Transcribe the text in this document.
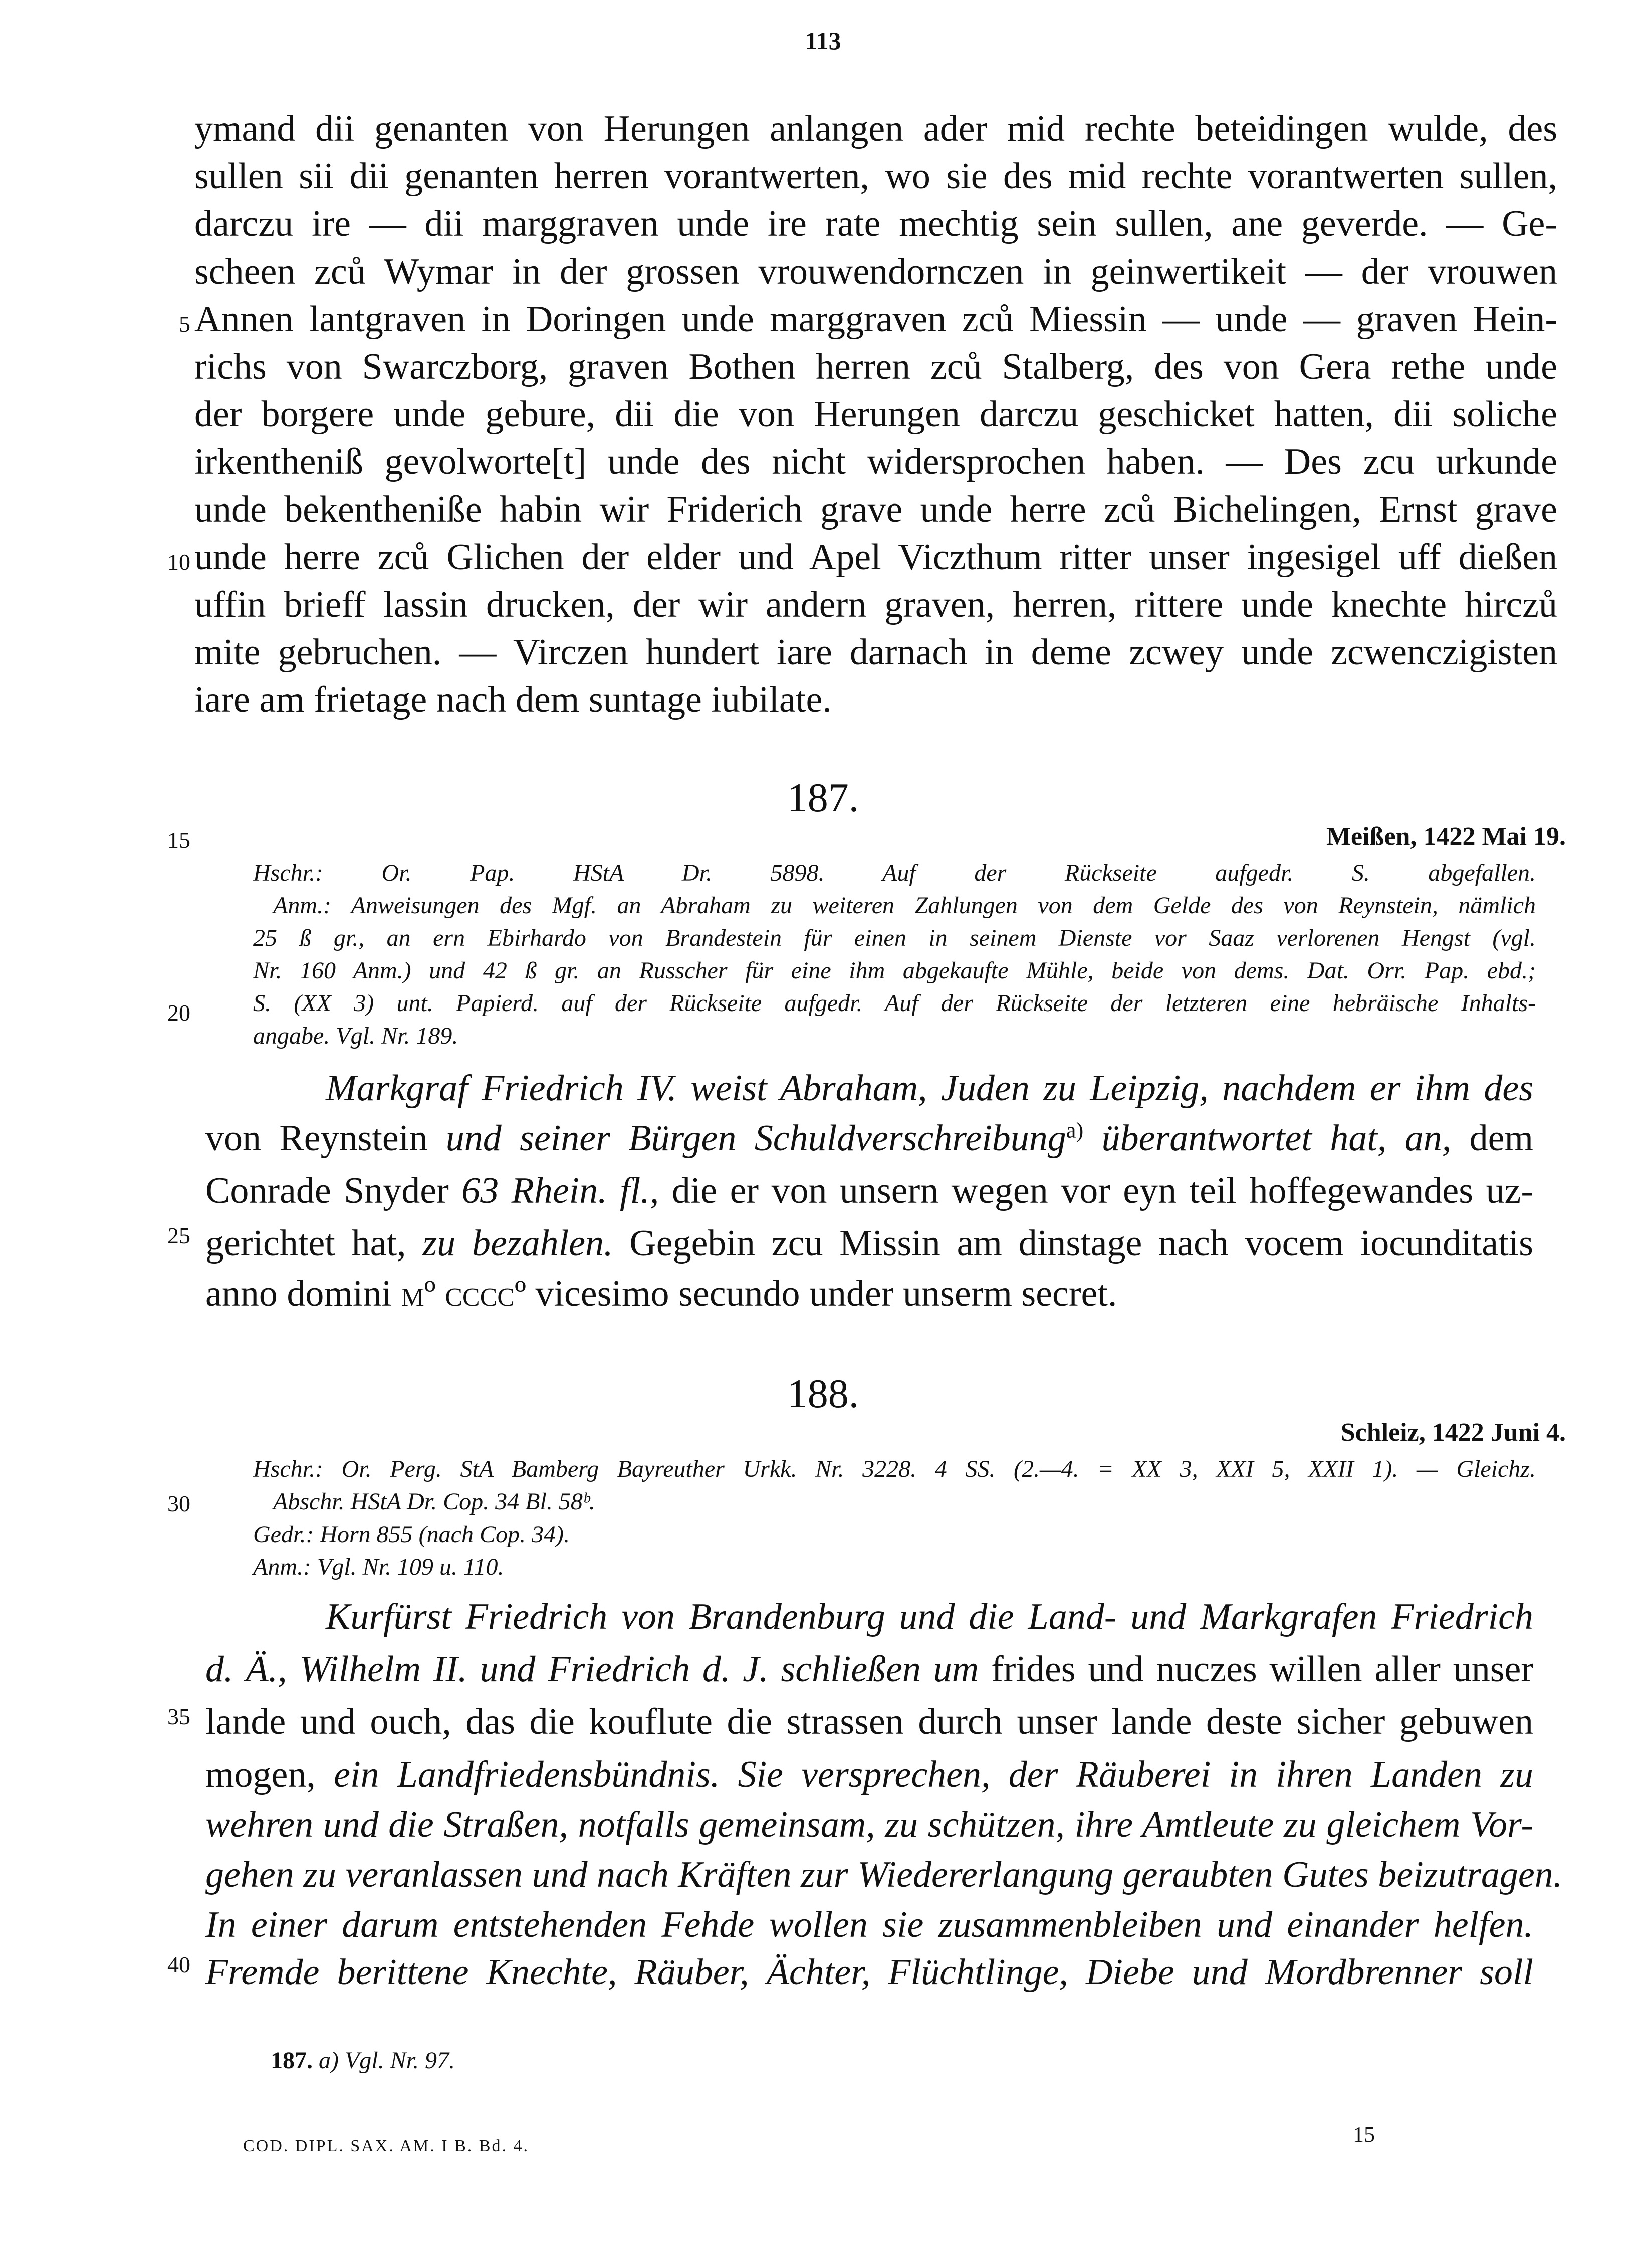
113
ymand dii genanten von Herungen anlangen ader mid rechte beteidingen wulde, des
sullen sii dii genanten herren vorantwerten, wo sie des mid rechte vorantwerten sullen,
darczu ire — dii marggraven unde ire rate mechtig sein sullen, ane geverde. — Ge-
scheen zců Wymar in der grossen vrouwendornczen in geinwertikeit — der vrouwen
Annen lantgraven in Doringen unde marggraven zců Miessin — unde — graven Hein-
richs von Swarczborg, graven Bothen herren zců Stalberg, des von Gera rethe unde
der borgere unde gebure, dii die von Herungen darczu geschicket hatten, dii soliche
irkentheniß gevolworte[t] unde des nicht widersprochen haben. — Des zcu urkunde
unde bekentheniße habin wir Friderich grave unde herre zců Bichelingen, Ernst grave
unde herre zců Glichen der elder und Apel Viczthum ritter unser ingesigel uff dießen
uffin brieff lassin drucken, der wir andern graven, herren, rittere unde knechte hirczů
mite gebruchen. — Virczen hundert iare darnach in deme zcwey unde zcwenczigisten
iare am frietage nach dem suntage iubilate.
5
10
15
20
25
30
35
40
187.
Meißen, 1422 Mai 19.
Hschr.: Or. Pap. HStA Dr. 5898. Auf der Rückseite aufgedr. S. abgefallen.
Anm.: Anweisungen des Mgf. an Abraham zu weiteren Zahlungen von dem Gelde des von Reynstein, nämlich
25 ß gr., an ern Ebirhardo von Brandestein für einen in seinem Dienste vor Saaz verlorenen Hengst (vgl.
Nr. 160 Anm.) und 42 ß gr. an Russcher für eine ihm abgekaufte Mühle, beide von dems. Dat. Orr. Pap. ebd.;
S. (XX 3) unt. Papierd. auf der Rückseite aufgedr. Auf der Rückseite der letzteren eine hebräische Inhalts-
angabe. Vgl. Nr. 189.
Markgraf Friedrich IV. weist Abraham, Juden zu Leipzig, nachdem er ihm des
von Reynstein und seiner Bürgen Schuldverschreibung$^{a)}$ überantwortet hat, an, dem
Conrade Snyder 63 Rhein. fl., die er von unsern wegen vor eyn teil hoffegewandes uz-
gerichtet hat, zu bezahlen. Gegebin zcu Missin am dinstage nach vocem iocunditatis
anno domini mº ccccº vicesimo secundo under unserm secret.
188.
Schleiz, 1422 Juni 4.
Hschr.: Or. Perg. StA Bamberg Bayreuther Urkk. Nr. 3228. 4 SS. (2.—4. = XX 3, XXI 5, XXII 1). — Gleichz.
Abschr. HStA Dr. Cop. 34 Bl. 58ᵇ.
Gedr.: Horn 855 (nach Cop. 34).
Anm.: Vgl. Nr. 109 u. 110.
Kurfürst Friedrich von Brandenburg und die Land- und Markgrafen Friedrich
d. Ä., Wilhelm II. und Friedrich d. J. schließen um frides und nuczes willen aller unser
lande und ouch, das die kouflute die strassen durch unser lande deste sicher gebuwen
mogen, ein Landfriedensbündnis. Sie versprechen, der Räuberei in ihren Landen zu
wehren und die Straßen, notfalls gemeinsam, zu schützen, ihre Amtleute zu gleichem Vor-
gehen zu veranlassen und nach Kräften zur Wiedererlangung geraubten Gutes beizutragen.
In einer darum entstehenden Fehde wollen sie zusammenbleiben und einander helfen.
Fremde berittene Knechte, Räuber, Ächter, Flüchtlinge, Diebe und Mordbrenner soll
187. a) Vgl. Nr. 97.
COD. DIPL. SAX. AM. I B. Bd. 4.	15
